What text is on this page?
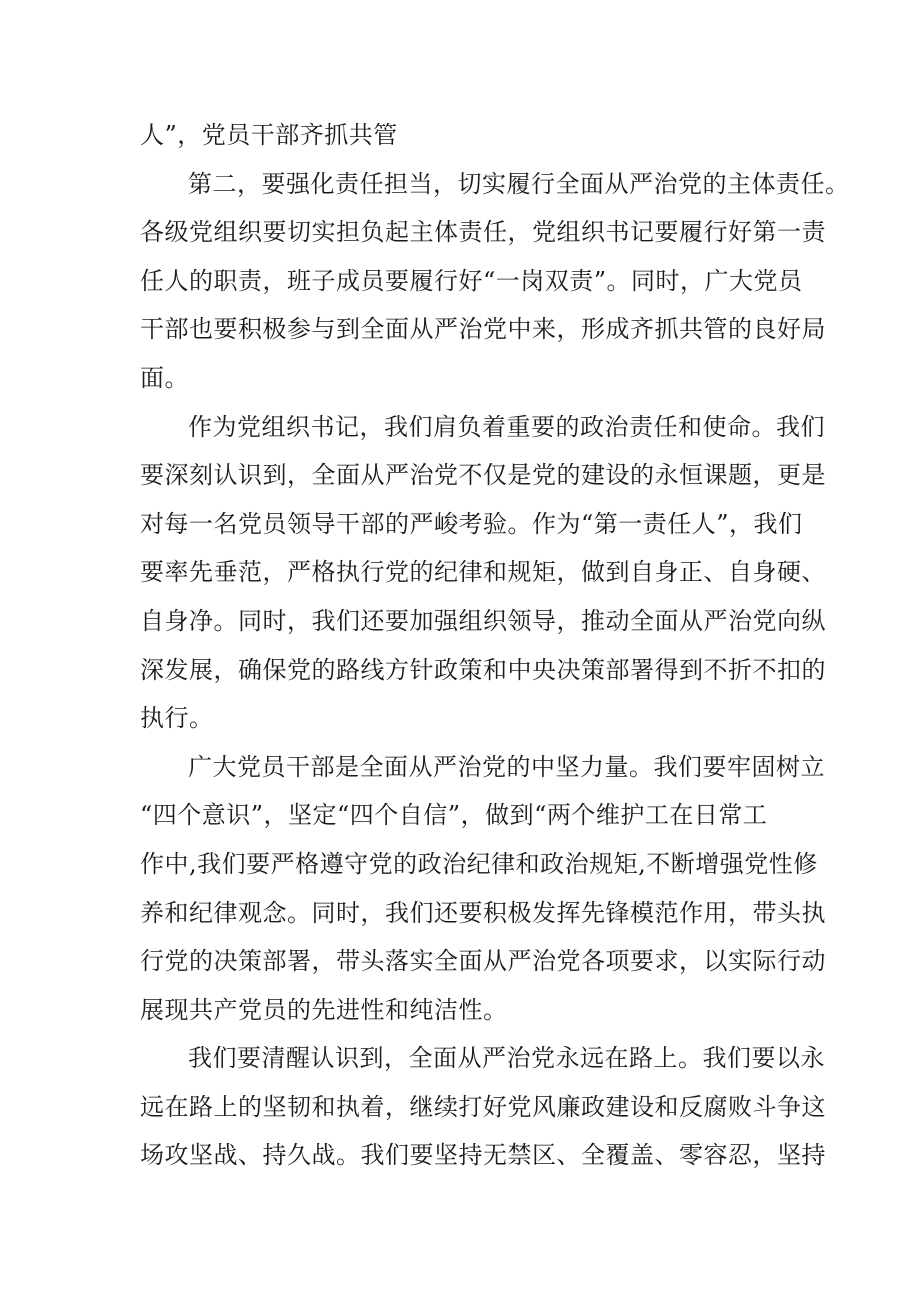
人”，党员干部齐抓共管
第二，要强化责任担当，切实履行全面从严治党的主体责任。
各级党组织要切实担负起主体责任，党组织书记要履行好第一责
任人的职责，班子成员要履行好“一岗双责”。同时，广大党员
干部也要积极参与到全面从严治党中来，形成齐抓共管的良好局
面。
作为党组织书记，我们肩负着重要的政治责任和使命。我们
要深刻认识到，全面从严治党不仅是党的建设的永恒课题，更是
对每一名党员领导干部的严峻考验。作为“第一责任人”，我们
要率先垂范，严格执行党的纪律和规矩，做到自身正、自身硬、
自身净。同时，我们还要加强组织领导，推动全面从严治党向纵
深发展，确保党的路线方针政策和中央决策部署得到不折不扣的
执行。
广大党员干部是全面从严治党的中坚力量。我们要牢固树立
“四个意识”，坚定“四个自信”，做到“两个维护工在日常工
作中,我们要严格遵守党的政治纪律和政治规矩,不断增强党性修
养和纪律观念。同时，我们还要积极发挥先锋模范作用，带头执
行党的决策部署，带头落实全面从严治党各项要求，以实际行动
展现共产党员的先进性和纯洁性。
我们要清醒认识到，全面从严治党永远在路上。我们要以永
远在路上的坚韧和执着，继续打好党风廉政建设和反腐败斗争这
场攻坚战、持久战。我们要坚持无禁区、全覆盖、零容忍，坚持
